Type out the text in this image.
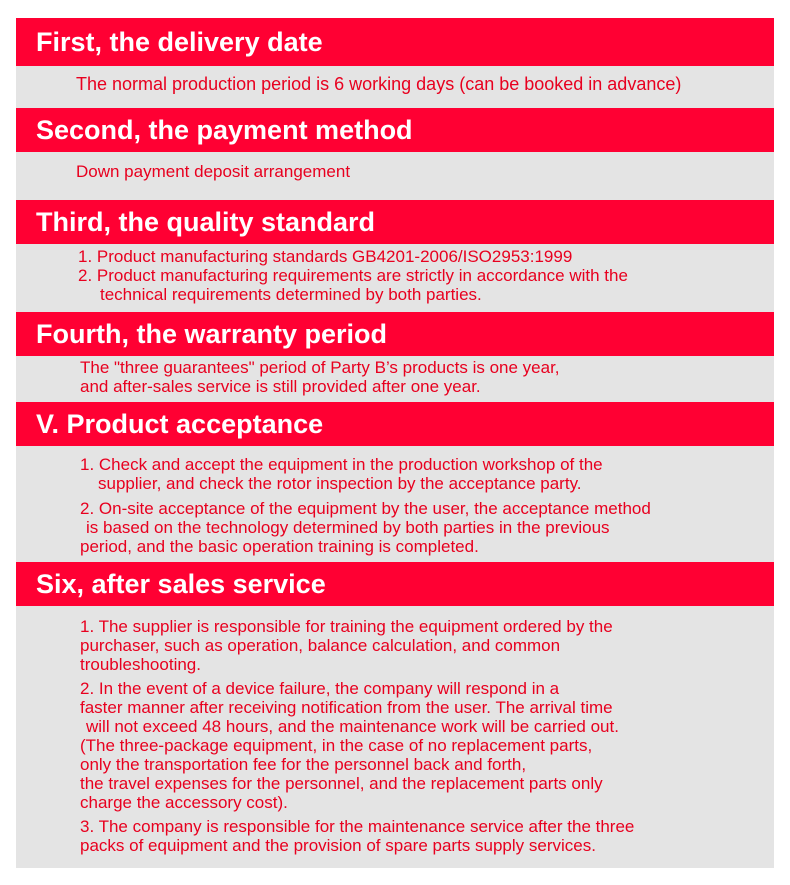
First, the delivery date

The normal production period is 6 working days (can be booked in advance)

Second, the payment method

Down payment deposit arrangement

Third, the quality standard

1. Product manufacturing standards GB4201-2006/ISO2953:1999

2. Product manufacturing requirements are strictly in accordance with the

technical requirements determined by both parties.

Fourth, the warranty period

The "three guarantees" period of Party B’s products is one year,

and after-sales service is still provided after one year.

V. Product acceptance

1. Check and accept the equipment in the production workshop of the

supplier, and check the rotor inspection by the acceptance party.

2. On-site acceptance of the equipment by the user, the acceptance method

is based on the technology determined by both parties in the previous

period, and the basic operation training is completed.

Six, after sales service

1. The supplier is responsible for training the equipment ordered by the

purchaser, such as operation, balance calculation, and common

troubleshooting.

2. In the event of a device failure, the company will respond in a

faster manner after receiving notification from the user. The arrival time

will not exceed 48 hours, and the maintenance work will be carried out.

(The three-package equipment, in the case of no replacement parts,

only the transportation fee for the personnel back and forth,

the travel expenses for the personnel, and the replacement parts only

charge the accessory cost).

3. The company is responsible for the maintenance service after the three

packs of equipment and the provision of spare parts supply services.
